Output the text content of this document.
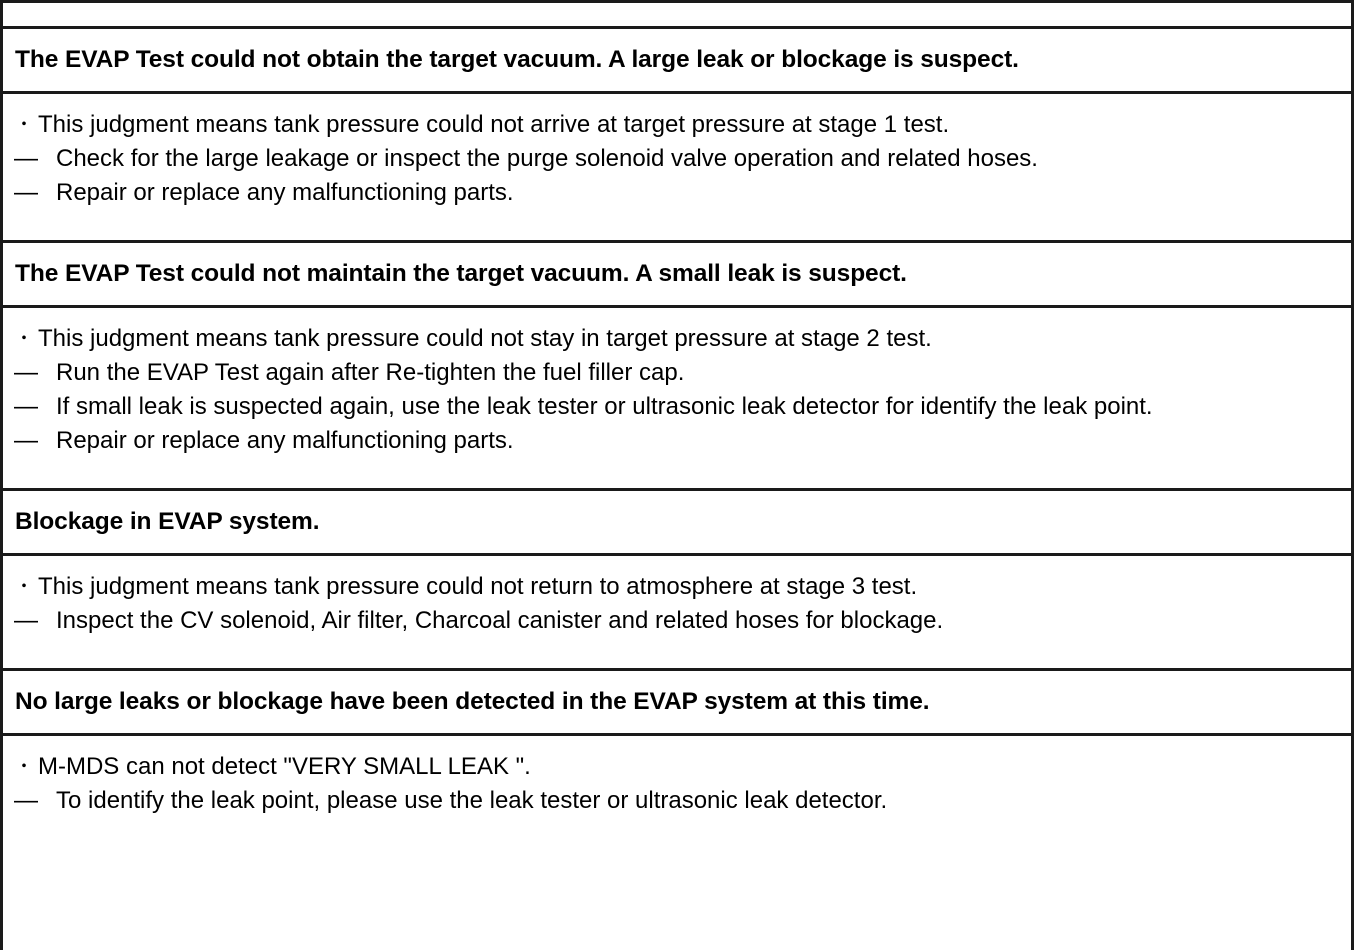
The EVAP Test could not obtain the target vacuum. A large leak or blockage is suspect.
・ This judgment means tank pressure could not arrive at target pressure at stage 1 test.
— Check for the large leakage or inspect the purge solenoid valve operation and related hoses.
— Repair or replace any malfunctioning parts.
The EVAP Test could not maintain the target vacuum. A small leak is suspect.
・ This judgment means tank pressure could not stay in target pressure at stage 2 test.
— Run the EVAP Test again after Re-tighten the fuel filler cap.
— If small leak is suspected again, use the leak tester or ultrasonic leak detector for identify the leak point.
— Repair or replace any malfunctioning parts.
Blockage in EVAP system.
・ This judgment means tank pressure could not return to atmosphere at stage 3 test.
— Inspect the CV solenoid, Air filter, Charcoal canister and related hoses for blockage.
No large leaks or blockage have been detected in the EVAP system at this time.
・ M-MDS can not detect "VERY SMALL LEAK ".
— To identify the leak point, please use the leak tester or ultrasonic leak detector.
